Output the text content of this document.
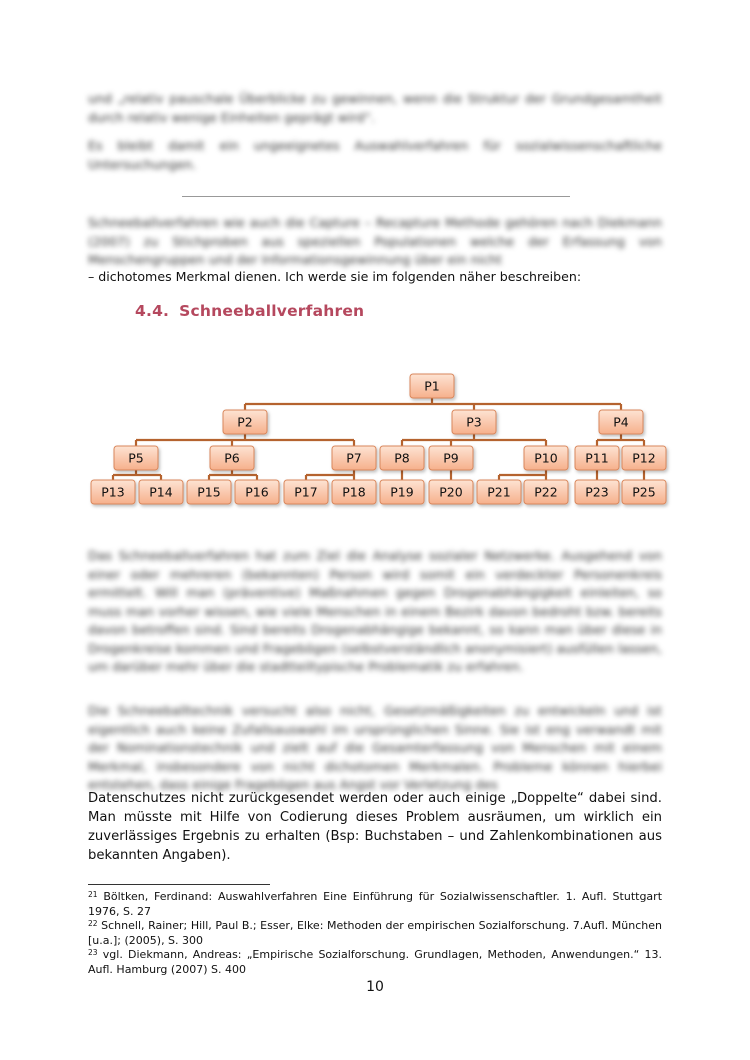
und „relativ pauschale Überblicke zu gewinnen, wenn die Struktur der Grundgesamtheit durch relativ wenige Einheiten geprägt wird“.
Es bleibt damit ein ungeeignetes Auswahlverfahren für sozialwissenschaftliche Untersuchungen.
Schneeballverfahren wie auch die Capture – Recapture Methode gehören nach Diekmann (2007) zu Stichproben aus speziellen Populationen welche der Erfassung von Menschengruppen und der Informationsgewinnung über ein nicht
– dichotomes Merkmal dienen. Ich werde sie im folgenden näher beschreiben:
4.4. Schneeballverfahren
P1
P2	P3	P4
P5	P6	P7	P8	P9	P10 P11 P12
P13 P14 P15 P16 P17 P18 P19 P20 P21 P22 P23 P25
Das Schneeballverfahren hat zum Ziel die Analyse sozialer Netzwerke. Ausgehend von einer oder mehreren (bekannten) Person wird somit ein verdeckter Personenkreis ermittelt. Will man (präventive) Maßnahmen gegen Drogenabhängigkeit einleiten, so muss man vorher wissen, wie viele Menschen in einem Bezirk davon bedroht bzw. bereits davon betroffen sind. Sind bereits Drogenabhängige bekannt, so kann man über diese in Drogenkreise kommen und Fragebögen (selbstverständlich anonymisiert) ausfüllen lassen, um darüber mehr über die stadtteiltypische Problematik zu erfahren.
Die Schneeballtechnik versucht also nicht, Gesetzmäßigkeiten zu entwickeln und ist eigentlich auch keine Zufallsauswahl im ursprünglichen Sinne. Sie ist eng verwandt mit der Nominationstechnik und zielt auf die Gesamterfassung von Menschen mit einem Merkmal, insbesondere von nicht dichotomen Merkmalen. Probleme können hierbei entstehen, dass einige Fragebögen aus Angst vor Verletzung des
Datenschutzes nicht zurückgesendet werden oder auch einige „Doppelte“ dabei sind. Man müsste mit Hilfe von Codierung dieses Problem ausräumen, um wirklich ein zuverlässiges Ergebnis zu erhalten (Bsp: Buchstaben – und Zahlenkombinationen aus bekannten Angaben).
$^{21}$ Böltken, Ferdinand: Auswahlverfahren Eine Einführung für Sozialwissenschaftler. 1. Aufl. Stuttgart 1976, S. 27
$^{22}$ Schnell, Rainer; Hill, Paul B.; Esser, Elke: Methoden der empirischen Sozialforschung. 7.Aufl. München [u.a.]; (2005), S. 300
$^{23}$ vgl. Diekmann, Andreas: „Empirische Sozialforschung. Grundlagen, Methoden, Anwendungen.“ 13. Aufl. Hamburg (2007) S. 400
10
